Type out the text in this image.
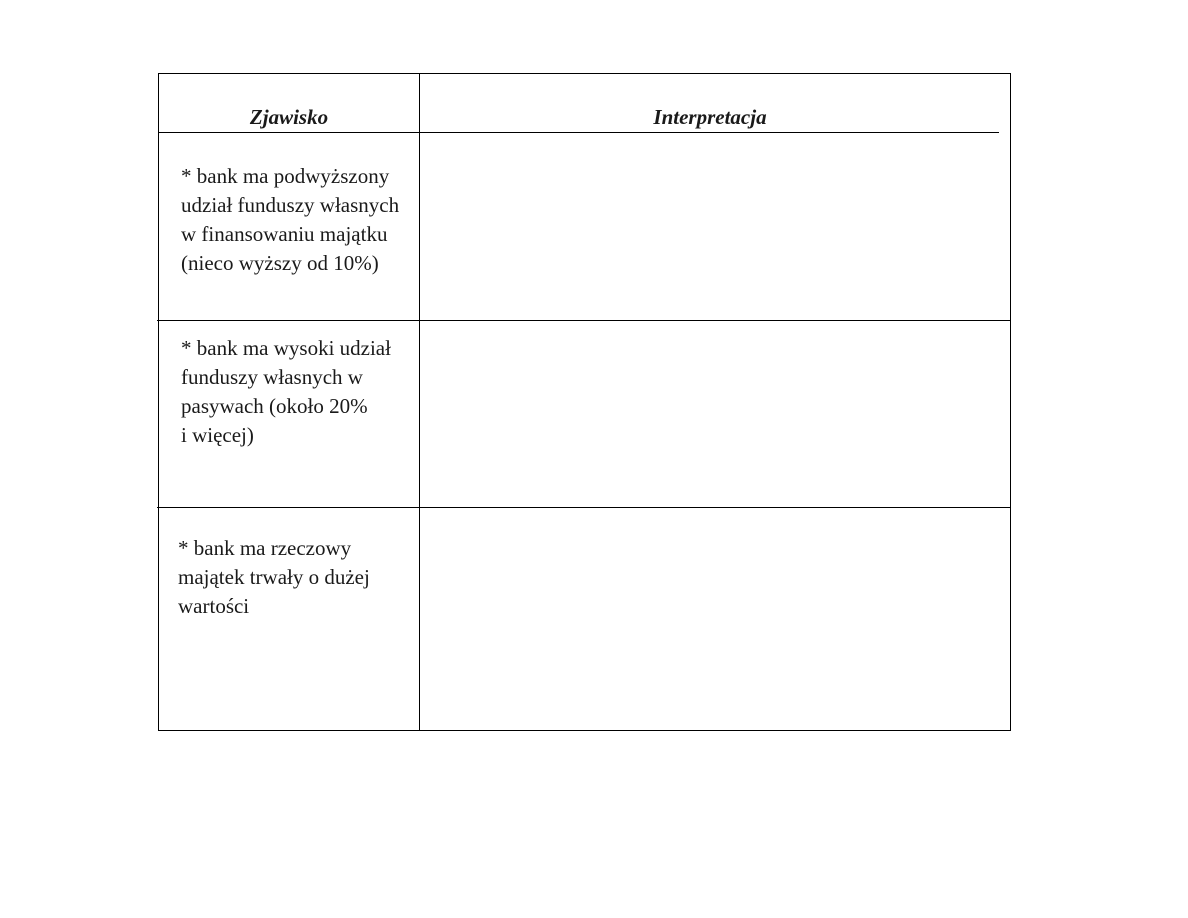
Zjawisko	Interpretacja
* bank ma podwyższony
udział funduszy własnych
w finansowaniu majątku
(nieco wyższy od 10%)
* bank ma wysoki udział
funduszy własnych w
pasywach (około 20%
i więcej)
* bank ma rzeczowy
majątek trwały o dużej
wartości
